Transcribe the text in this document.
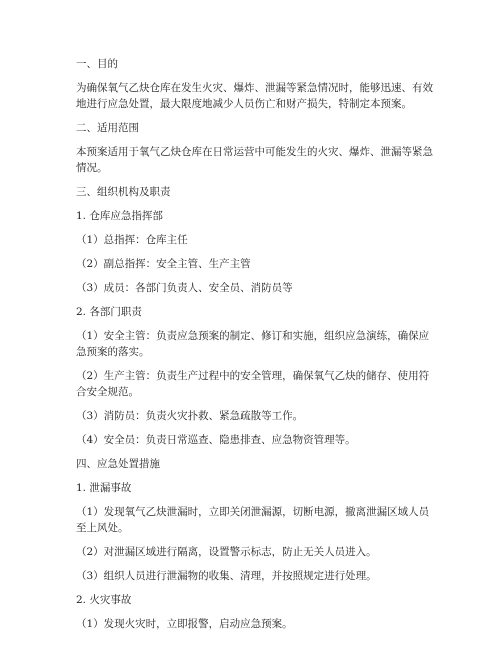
一、目的
为确保氧气乙炔仓库在发生火灾、爆炸、泄漏等紧急情况时，能够迅速、有效地进行应急处置，最大限度地减少人员伤亡和财产损失，特制定本预案。
二、适用范围
本预案适用于氧气乙炔仓库在日常运营中可能发生的火灾、爆炸、泄漏等紧急情况。
三、组织机构及职责
1. 仓库应急指挥部
（1）总指挥：仓库主任
（2）副总指挥：安全主管、生产主管
（3）成员：各部门负责人、安全员、消防员等
2. 各部门职责
（1）安全主管：负责应急预案的制定、修订和实施，组织应急演练，确保应急预案的落实。
（2）生产主管：负责生产过程中的安全管理，确保氧气乙炔的储存、使用符合安全规范。
（3）消防员：负责火灾扑救、紧急疏散等工作。
（4）安全员：负责日常巡查、隐患排查、应急物资管理等。
四、应急处置措施
1. 泄漏事故
（1）发现氧气乙炔泄漏时，立即关闭泄漏源，切断电源，撤离泄漏区域人员至上风处。
（2）对泄漏区域进行隔离，设置警示标志，防止无关人员进入。
（3）组织人员进行泄漏物的收集、清理，并按照规定进行处理。
2. 火灾事故
（1）发现火灾时，立即报警，启动应急预案。
